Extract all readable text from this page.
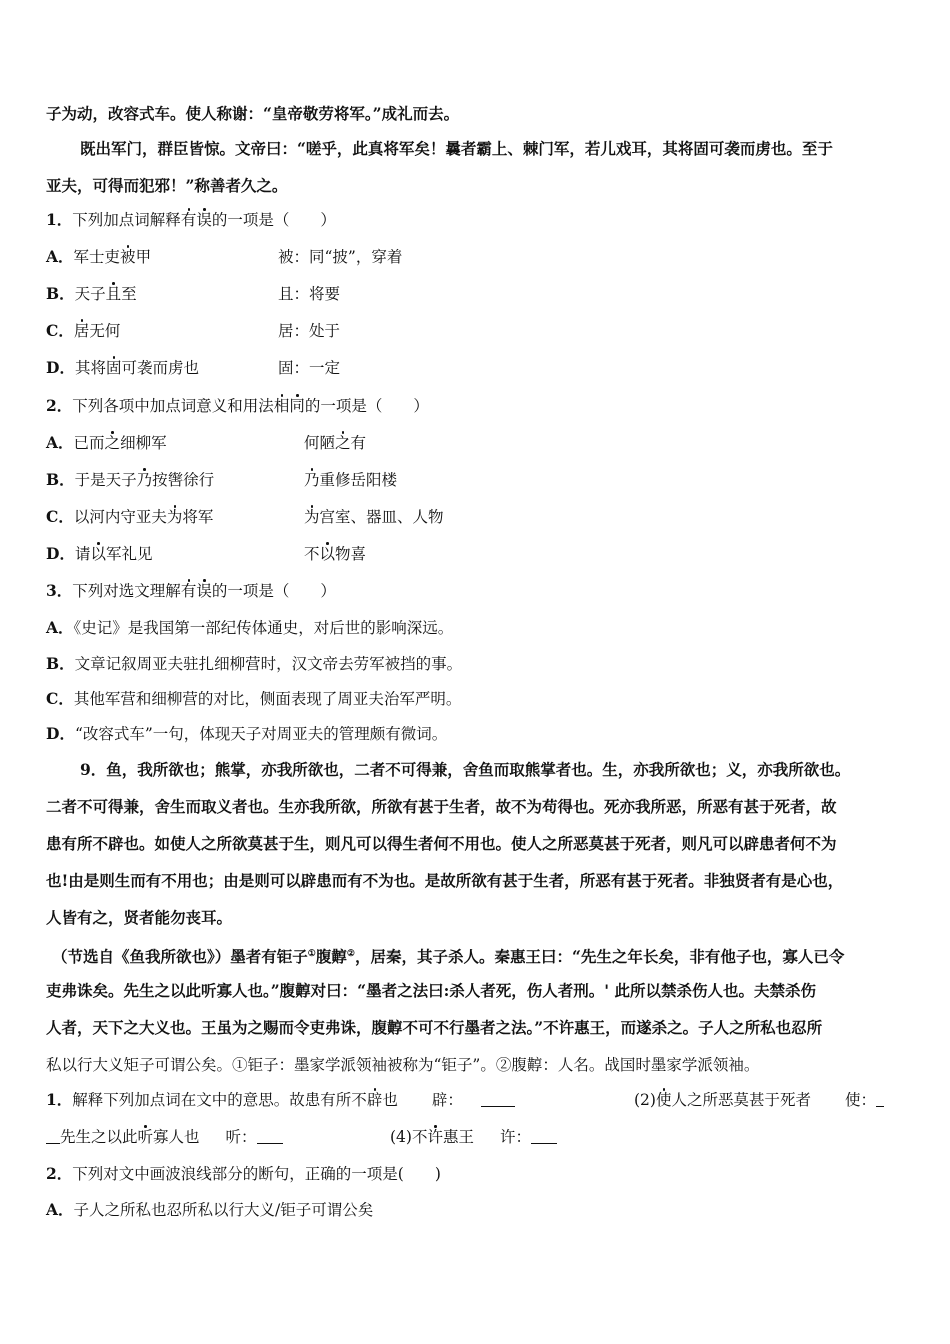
子为动，改容式车。使人称谢：“皇帝敬劳将军。”成礼而去。
既出军门，群臣皆惊。文帝曰：“嗟乎，此真将军矣！曩者霸上、棘门军，若儿戏耳，其将固可袭而虏也。至于
亚夫，可得而犯邪！”称善者久之。
1．下列加点词解释有误的一项是（　　）
A．军士吏被甲	被：同“披”，穿着
B．天子且至	且：将要
C．居无何	居：处于
D．其将固可袭而虏也	固：一定
2．下列各项中加点词意义和用法相同的一项是（　　）
A．已而之细柳军	何陋之有
B．于是天子乃按辔徐行	乃重修岳阳楼
C．以河内守亚夫为将军	为宫室、器皿、人物
D．请以军礼见	不以物喜
3．下列对选文理解有误的一项是（　　）
A．《史记》是我国第一部纪传体通史，对后世的影响深远。
B．文章记叙周亚夫驻扎细柳营时，汉文帝去劳军被挡的事。
C．其他军营和细柳营的对比，侧面表现了周亚夫治军严明。
D．“改容式车”一句，体现天子对周亚夫的管理颇有微词。
9．鱼，我所欲也；熊掌，亦我所欲也，二者不可得兼，舍鱼而取熊掌者也。生，亦我所欲也；义，亦我所欲也。
二者不可得兼，舍生而取义者也。生亦我所欲，所欲有甚于生者，故不为苟得也。死亦我所恶，所恶有甚于死者，故
患有所不辟也。如使人之所欲莫甚于生，则凡可以得生者何不用也。使人之所恶莫甚于死者，则凡可以辟患者何不为
也!由是则生而有不用也；由是则可以辟患而有不为也。是故所欲有甚于生者，所恶有甚于死者。非独贤者有是心也，
人皆有之，贤者能勿丧耳。
（节选自《鱼我所欲也》）墨者有钜子①腹䵍②，居秦，其子杀人。秦惠王曰：“先生之年长矣，非有他子也，寡人已令
吏弗诛矣。先生之以此听寡人也。”腹䵍对曰：“墨者之法曰:杀人者死，伤人者刑。' 此所以禁杀伤人也。夫禁杀伤
人者，天下之大义也。王虽为之赐而令吏弗诛，腹䵍不可不行墨者之法。”不许惠王，而遂杀之。子人之所私也忍所
私以行大义矩子可谓公矣。①钜子：墨家学派领袖被称为“钜子”。②腹䵍：人名。战国时墨家学派领袖。
1．解释下列加点词在文中的意思。故患有所不辟也 辟：	(2)使人之所恶莫甚于死者 使：
先生之以此听寡人也 听：	(4)不许惠王 许：
2．下列对文中画波浪线部分的断句，正确的一项是(　　)
A．子人之所私也忍所私以行大义/钜子可谓公矣
